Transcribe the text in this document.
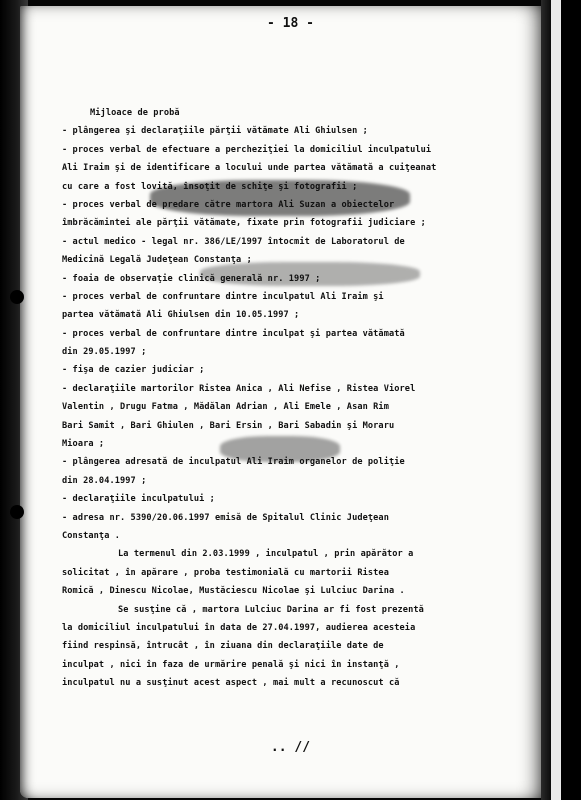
- 18 -
Mijloace de probă
- plângerea şi declaraţiile părţii vătămate Ali Ghiulsen ;
- proces verbal de efectuare a percheziţiei la domiciliul inculpatului
Ali Iraim şi de identificare a locului unde partea vătămată a cuiţeanat
cu care a fost lovită, însoţit de schiţe şi fotografii ;
- proces verbal de predare către martora Ali Suzan a obiectelor
îmbrăcămintei ale părţii vătămate, fixate prin fotografii judiciare ;
- actul medico - legal nr. 386/LE/1997 întocmit de Laboratorul de
Medicină Legală Judeţean Constanţa ;
- foaia de observaţie clinică generală nr. 1997 ;
- proces verbal de confruntare dintre inculpatul Ali Iraim şi
partea vătămată Ali Ghiulsen din 10.05.1997 ;
- proces verbal de confruntare dintre inculpat şi partea vătămată
din 29.05.1997 ;
- fişa de cazier judiciar ;
- declaraţiile martorilor Ristea Anica , Ali Nefise , Ristea Viorel
Valentin , Drugu Fatma , Mădălan Adrian , Ali Emele , Asan Rim
Bari Samit , Bari Ghiulen , Bari Ersin , Bari Sabadin şi Moraru
Mioara ;
- plângerea adresată de inculpatul Ali Iraim organelor de poliţie
din 28.04.1997 ;
- declaraţiile inculpatului ;
- adresa nr. 5390/20.06.1997 emisă de Spitalul Clinic Judeţean
Constanţa .
La termenul din 2.03.1999 , inculpatul , prin apărător a
solicitat , în apărare , proba testimonială cu martorii Ristea
Romică , Dinescu Nicolae, Mustăciescu Nicolae şi Lulciuc Darina .
Se susţine că , martora Lulciuc Darina ar fi fost prezentă
la domiciliul inculpatului în data de 27.04.1997, audierea acesteia
fiind respinsă, întrucât , în ziuana din declaraţiile date de
inculpat , nici în faza de urmărire penală şi nici în instanţă ,
inculpatul nu a susţinut acest aspect , mai mult a recunoscut că
.. //
